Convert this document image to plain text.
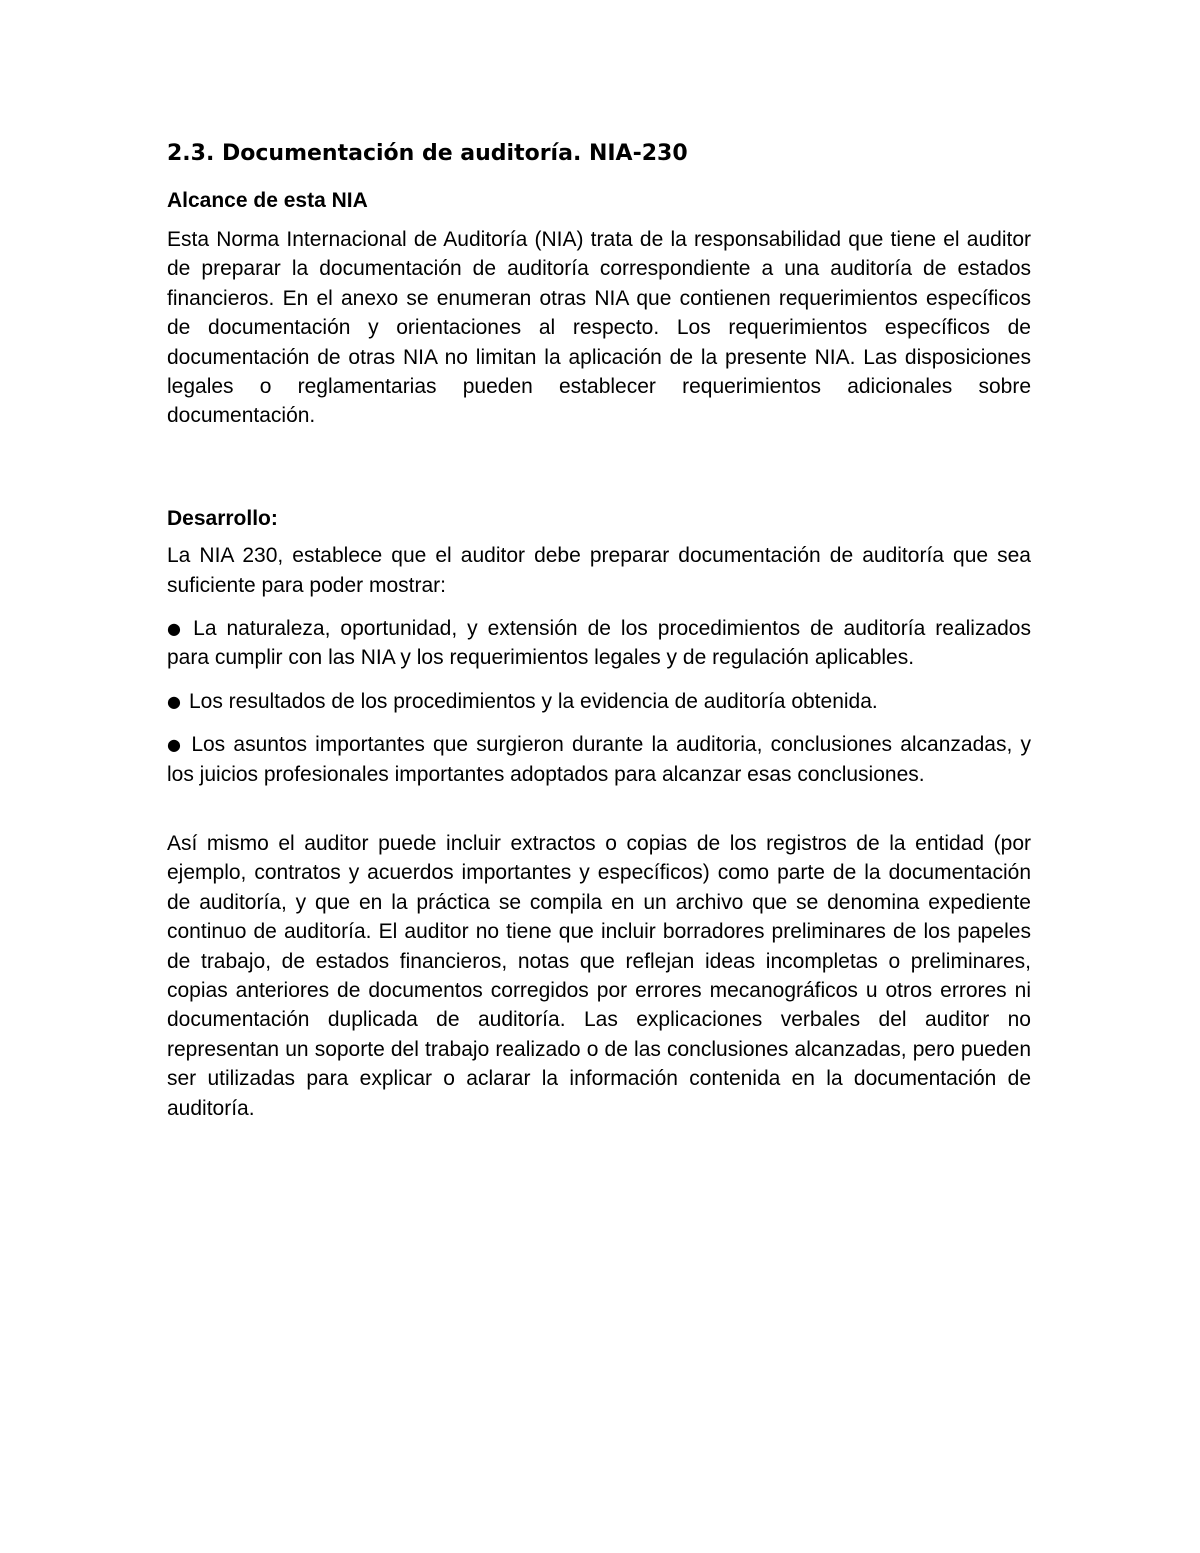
2.3. Documentación de auditoría. NIA-230
Alcance de esta NIA

Esta Norma Internacional de Auditoría (NIA) trata de la responsabilidad que tiene el auditor de preparar la documentación de auditoría correspondiente a una auditoría de estados financieros. En el anexo se enumeran otras NIA que contienen requerimientos específicos de documentación y orientaciones al respecto. Los requerimientos específicos de documentación de otras NIA no limitan la aplicación de la presente NIA. Las disposiciones legales o reglamentarias pueden establecer requerimientos adicionales sobre documentación.

Desarrollo:

La NIA 230, establece que el auditor debe preparar documentación de auditoría que sea suficiente para poder mostrar:

● La naturaleza, oportunidad, y extensión de los procedimientos de auditoría realizados para cumplir con las NIA y los requerimientos legales y de regulación aplicables.
● Los resultados de los procedimientos y la evidencia de auditoría obtenida.
● Los asuntos importantes que surgieron durante la auditoria, conclusiones alcanzadas, y los juicios profesionales importantes adoptados para alcanzar esas conclusiones.

Así mismo el auditor puede incluir extractos o copias de los registros de la entidad (por ejemplo, contratos y acuerdos importantes y específicos) como parte de la documentación de auditoría, y que en la práctica se compila en un archivo que se denomina expediente continuo de auditoría. El auditor no tiene que incluir borradores preliminares de los papeles de trabajo, de estados financieros, notas que reflejan ideas incompletas o preliminares, copias anteriores de documentos corregidos por errores mecanográficos u otros errores ni documentación duplicada de auditoría. Las explicaciones verbales del auditor no representan un soporte del trabajo realizado o de las conclusiones alcanzadas, pero pueden ser utilizadas para explicar o aclarar la información contenida en la documentación de auditoría.
